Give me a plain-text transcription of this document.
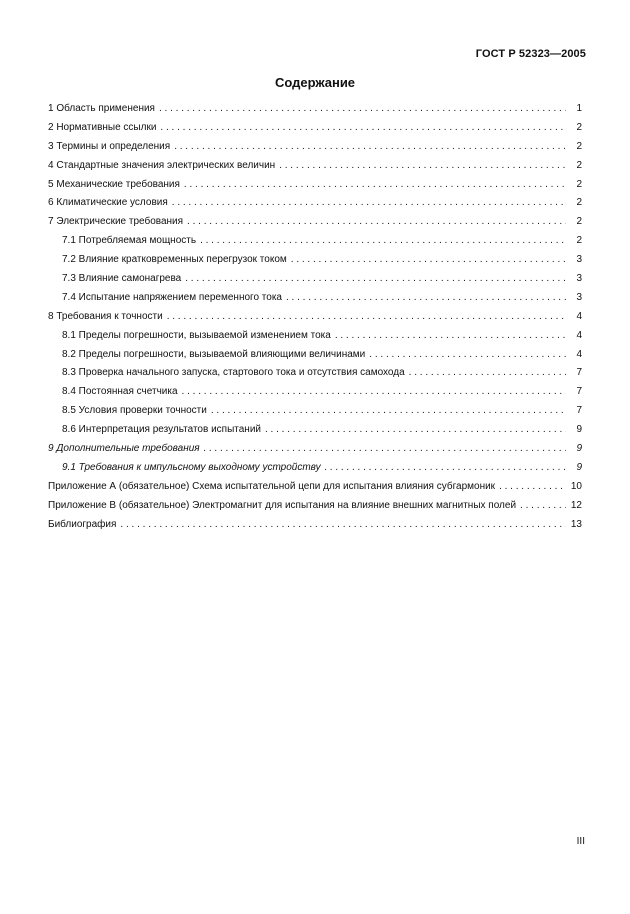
ГОСТ Р 52323—2005
Содержание
1 Область применения . . .	1
2 Нормативные ссылки . . .	2
3 Термины и определения . . .	2
4 Стандартные значения электрических величин . . .	2
5 Механические требования . . .	2
6 Климатические условия . . .	2
7 Электрические требования . . .	2
7.1 Потребляемая мощность . . .	2
7.2 Влияние кратковременных перегрузок током . . .	3
7.3 Влияние самонагрева . . .	3
7.4 Испытание напряжением переменного тока . . .	3
8 Требования к точности . . .	4
8.1 Пределы погрешности, вызываемой изменением тока . . .	4
8.2 Пределы погрешности, вызываемой влияющими величинами . . .	4
8.3 Проверка начального запуска, стартового тока и отсутствия самохода . . .	7
8.4 Постоянная счетчика . . .	7
8.5 Условия проверки точности . . .	7
8.6 Интерпретация результатов испытаний . . .	9
9 Дополнительные требования . . .	9
9.1 Требования к импульсному выходному устройству . . .	9
Приложение А (обязательное) Схема испытательной цепи для испытания влияния субгармоник . . .	10
Приложение В (обязательное) Электромагнит для испытания на влияние внешних магнитных полей . . .	12
Библиография . . .	13
III
